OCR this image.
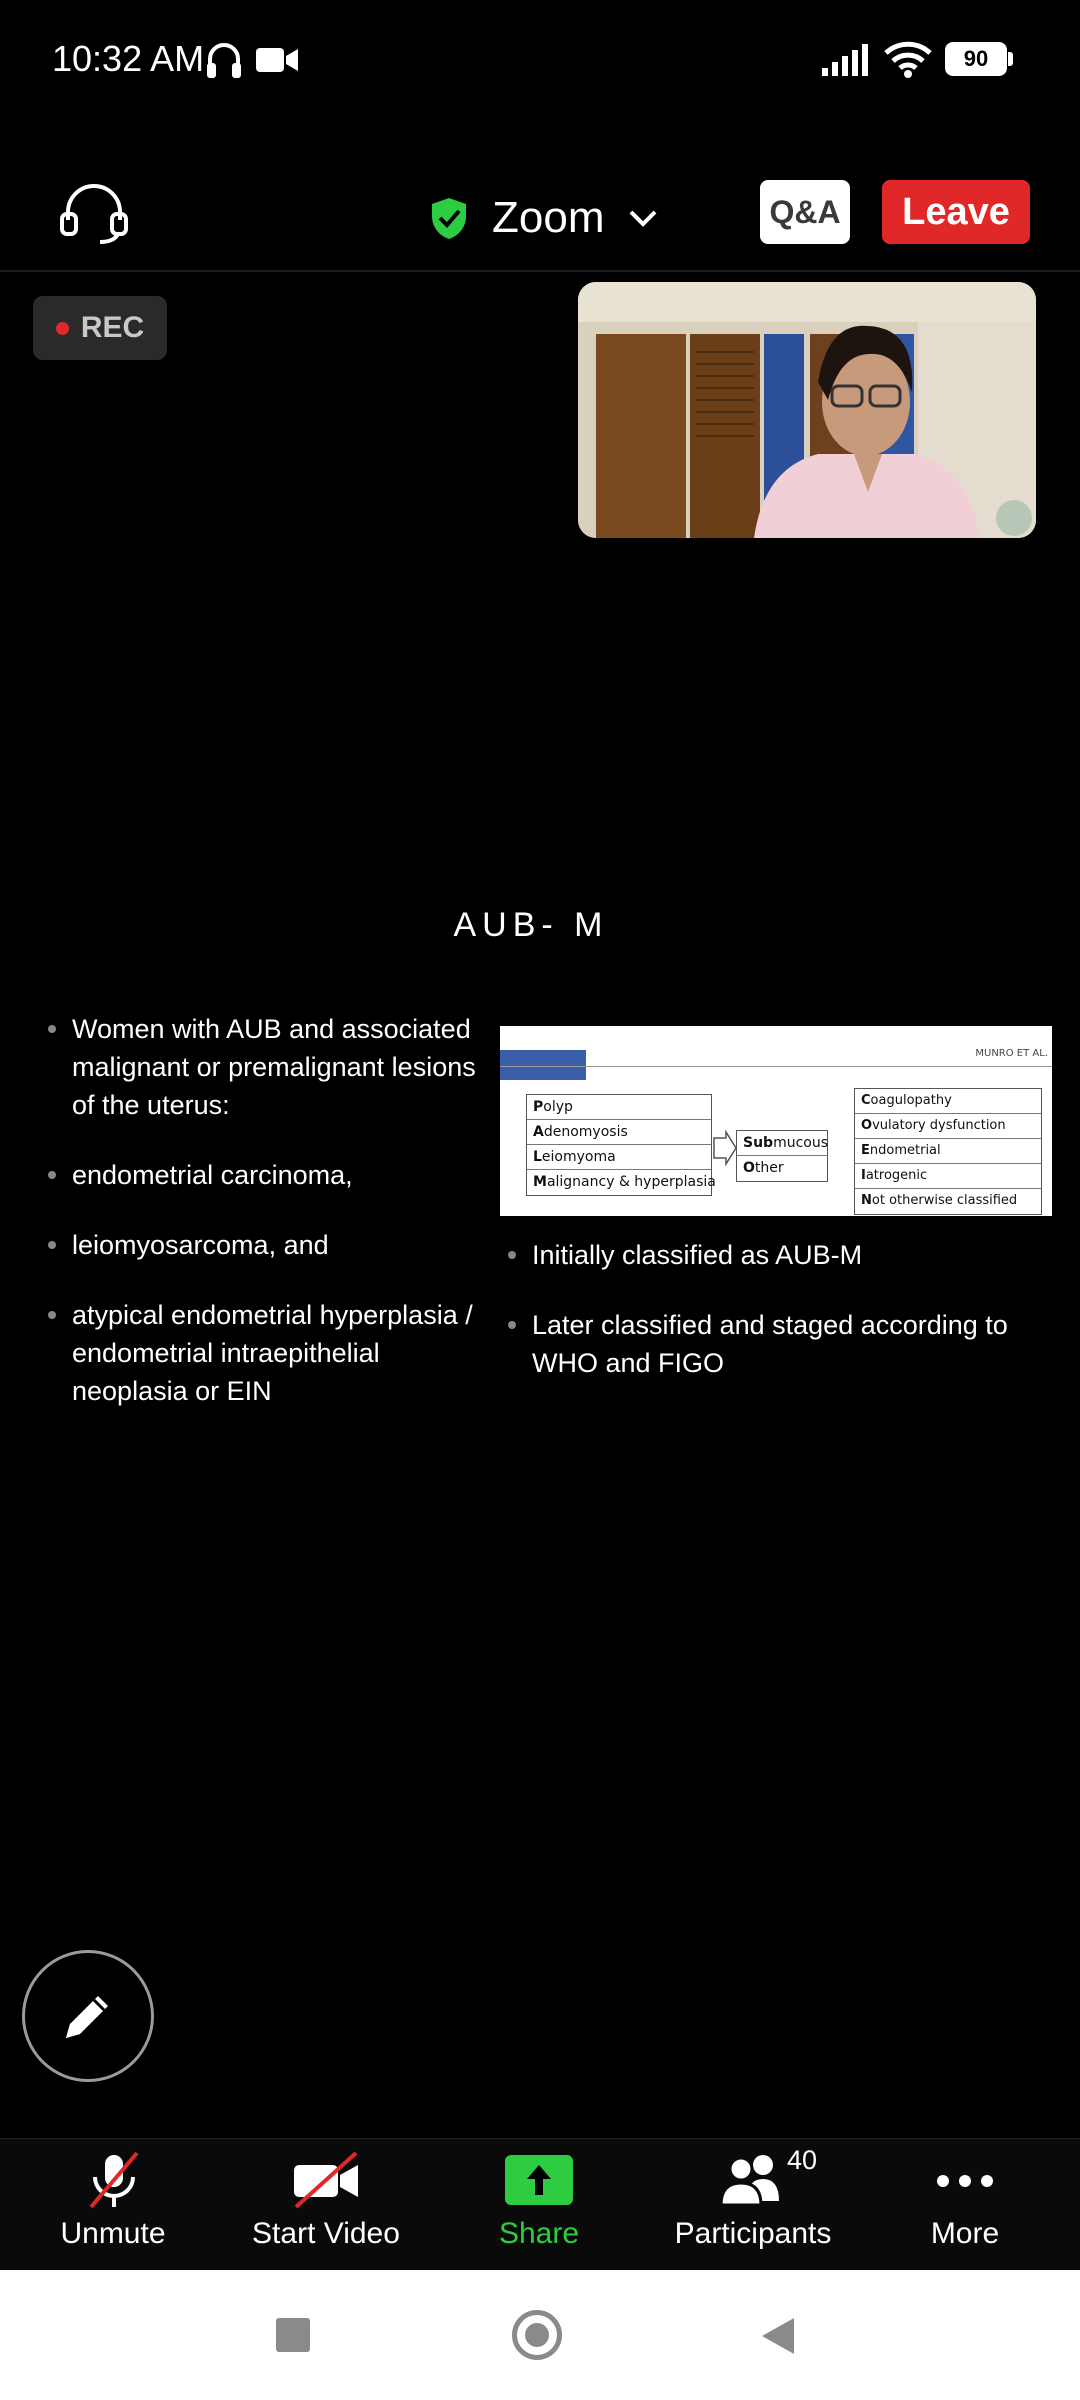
10:32 AM	90
Zoom	Q&A	Leave
REC
AUB- M
Women with AUB and associated malignant or premalignant lesions of the uterus:
endometrial carcinoma,
leiomyosarcoma, and
atypical endometrial hyperplasia / endometrial intraepithelial neoplasia or EIN
MUNRO ET AL.
Polyp
Adenomyosis
Leiomyoma
Malignancy & hyperplasia
Submucous
Other
Coagulopathy
Ovulatory dysfunction
Endometrial
Iatrogenic
Not otherwise classified
Initially classified as AUB-M
Later classified and staged according to WHO and FIGO
Unmute	Start Video	Share
40
Participants	More
